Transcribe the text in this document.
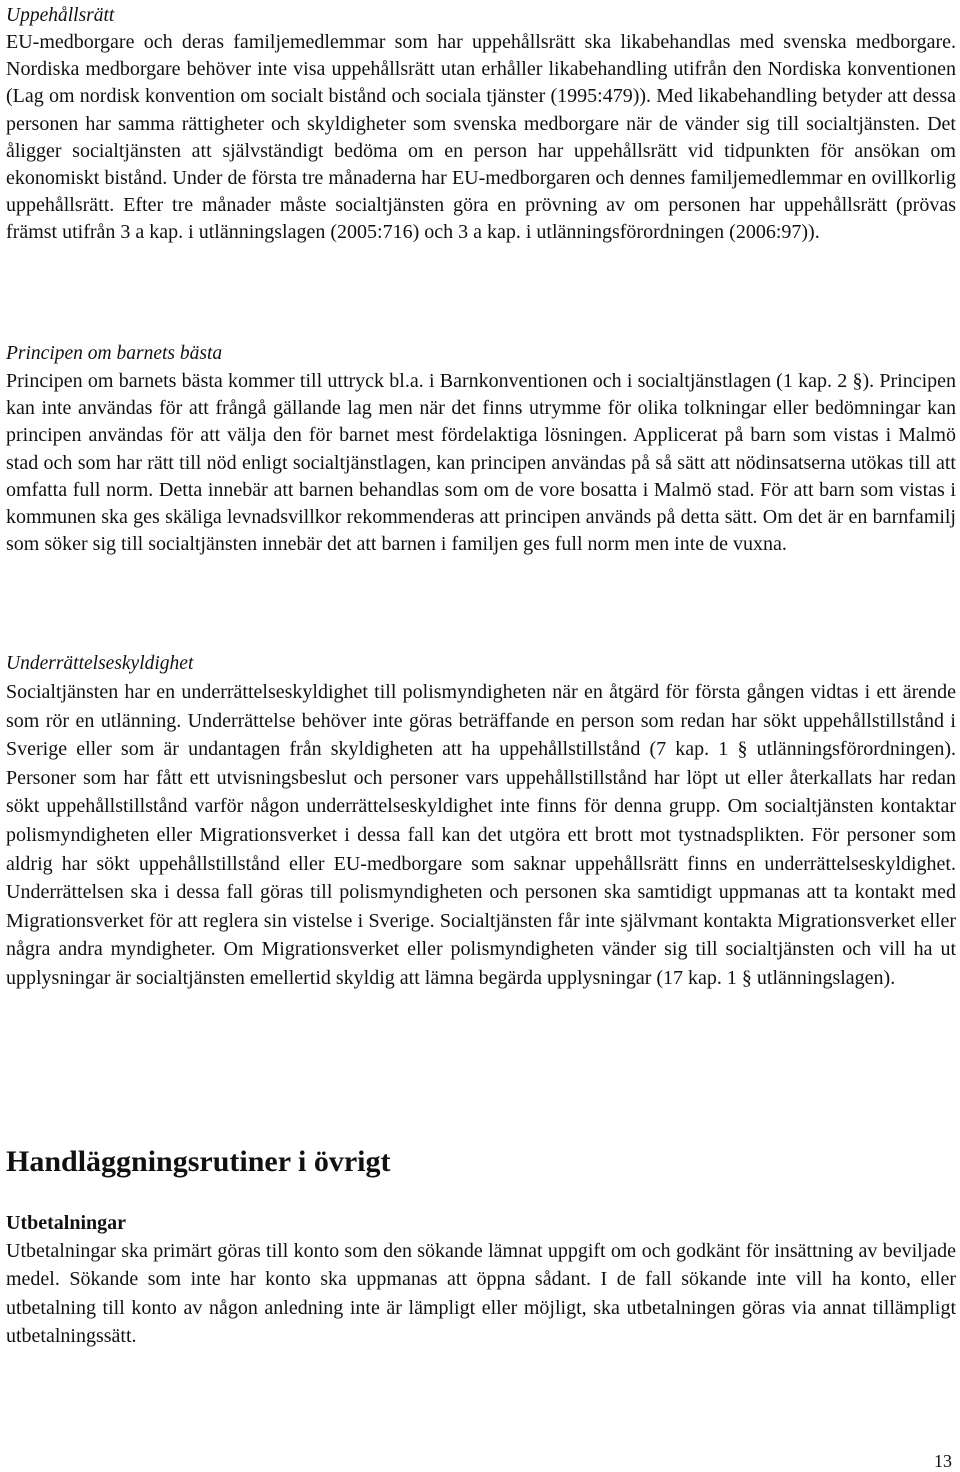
Uppehållsrätt

EU-medborgare och deras familjemedlemmar som har uppehållsrätt ska likabehandlas med svenska medborgare. Nordiska medborgare behöver inte visa uppehållsrätt utan erhåller likabehandling utifrån den Nordiska konventionen (Lag om nordisk konvention om socialt bistånd och sociala tjänster (1995:479)). Med likabehandling betyder att dessa personen har samma rättigheter och skyldigheter som svenska medborgare när de vänder sig till socialtjänsten. Det åligger socialtjänsten att självständigt bedöma om en person har uppehållsrätt vid tidpunkten för ansökan om ekonomiskt bistånd. Under de första tre månaderna har EU-medborgaren och dennes familjemedlemmar en ovillkorlig uppehållsrätt. Efter tre månader måste socialtjänsten göra en prövning av om personen har uppehållsrätt (prövas främst utifrån 3 a kap. i utlänningslagen (2005:716) och 3 a kap. i utlänningsförordningen (2006:97)).

Principen om barnets bästa

Principen om barnets bästa kommer till uttryck bl.a. i Barnkonventionen och i socialtjänstlagen (1 kap. 2 §). Principen kan inte användas för att frångå gällande lag men när det finns utrymme för olika tolkningar eller bedömningar kan principen användas för att välja den för barnet mest fördelaktiga lösningen. Applicerat på barn som vistas i Malmö stad och som har rätt till nöd enligt socialtjänstlagen, kan principen användas på så sätt att nödinsatserna utökas till att omfatta full norm. Detta innebär att barnen behandlas som om de vore bosatta i Malmö stad. För att barn som vistas i kommunen ska ges skäliga levnadsvillkor rekommenderas att principen används på detta sätt. Om det är en barnfamilj som söker sig till socialtjänsten innebär det att barnen i familjen ges full norm men inte de vuxna.

Underrättelseskyldighet

Socialtjänsten har en underrättelseskyldighet till polismyndigheten när en åtgärd för första gången vidtas i ett ärende som rör en utlänning. Underrättelse behöver inte göras beträffande en person som redan har sökt uppehållstillstånd i Sverige eller som är undantagen från skyldigheten att ha uppehållstillstånd (7 kap. 1 § utlänningsförordningen). Personer som har fått ett utvisningsbeslut och personer vars uppehållstillstånd har löpt ut eller återkallats har redan sökt uppehållstillstånd varför någon underrättelseskyldighet inte finns för denna grupp. Om socialtjänsten kontaktar polismyndigheten eller Migrationsverket i dessa fall kan det utgöra ett brott mot tystnadsplikten. För personer som aldrig har sökt uppehållstillstånd eller EU-medborgare som saknar uppehållsrätt finns en underrättelseskyldighet. Underrättelsen ska i dessa fall göras till polismyndigheten och personen ska samtidigt uppmanas att ta kontakt med Migrationsverket för att reglera sin vistelse i Sverige. Socialtjänsten får inte självmant kontakta Migrationsverket eller några andra myndigheter. Om Migrationsverket eller polismyndigheten vänder sig till socialtjänsten och vill ha ut upplysningar är socialtjänsten emellertid skyldig att lämna begärda upplysningar (17 kap. 1 § utlänningslagen).

Handläggningsrutiner i övrigt
Utbetalningar

Utbetalningar ska primärt göras till konto som den sökande lämnat uppgift om och godkänt för insättning av beviljade medel. Sökande som inte har konto ska uppmanas att öppna sådant. I de fall sökande inte vill ha konto, eller utbetalning till konto av någon anledning inte är lämpligt eller möjligt, ska utbetalningen göras via annat tillämpligt utbetalningssätt.

13
